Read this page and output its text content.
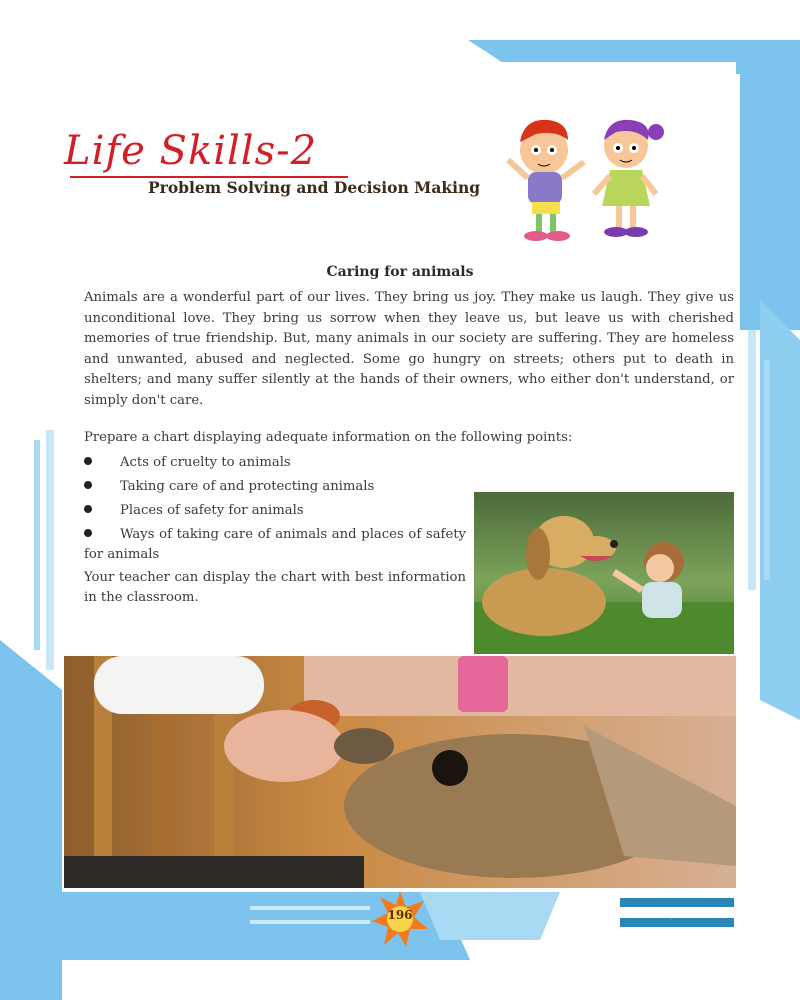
Life Skills-2
Problem Solving and Decision Making
Caring for animals
Animals are a wonderful part of our lives. They bring us joy. They make us laugh. They give us unconditional love. They bring us sorrow when they leave us, but leave us with cherished memories of true friendship. But, many animals in our society are suffering. They are homeless and unwanted, abused and neglected. Some go hungry on streets; others put to death in shelters; and many suffer silently at the hands of their owners, who either don't understand, or simply don't care.
Prepare a chart displaying adequate information on the following points:
Acts of cruelty to animals
Taking care of and protecting animals
Places of safety for animals
Ways of taking care of animals and places of safety for animals
Your teacher can display the chart with best information in the classroom.
196	Open Skies-6
